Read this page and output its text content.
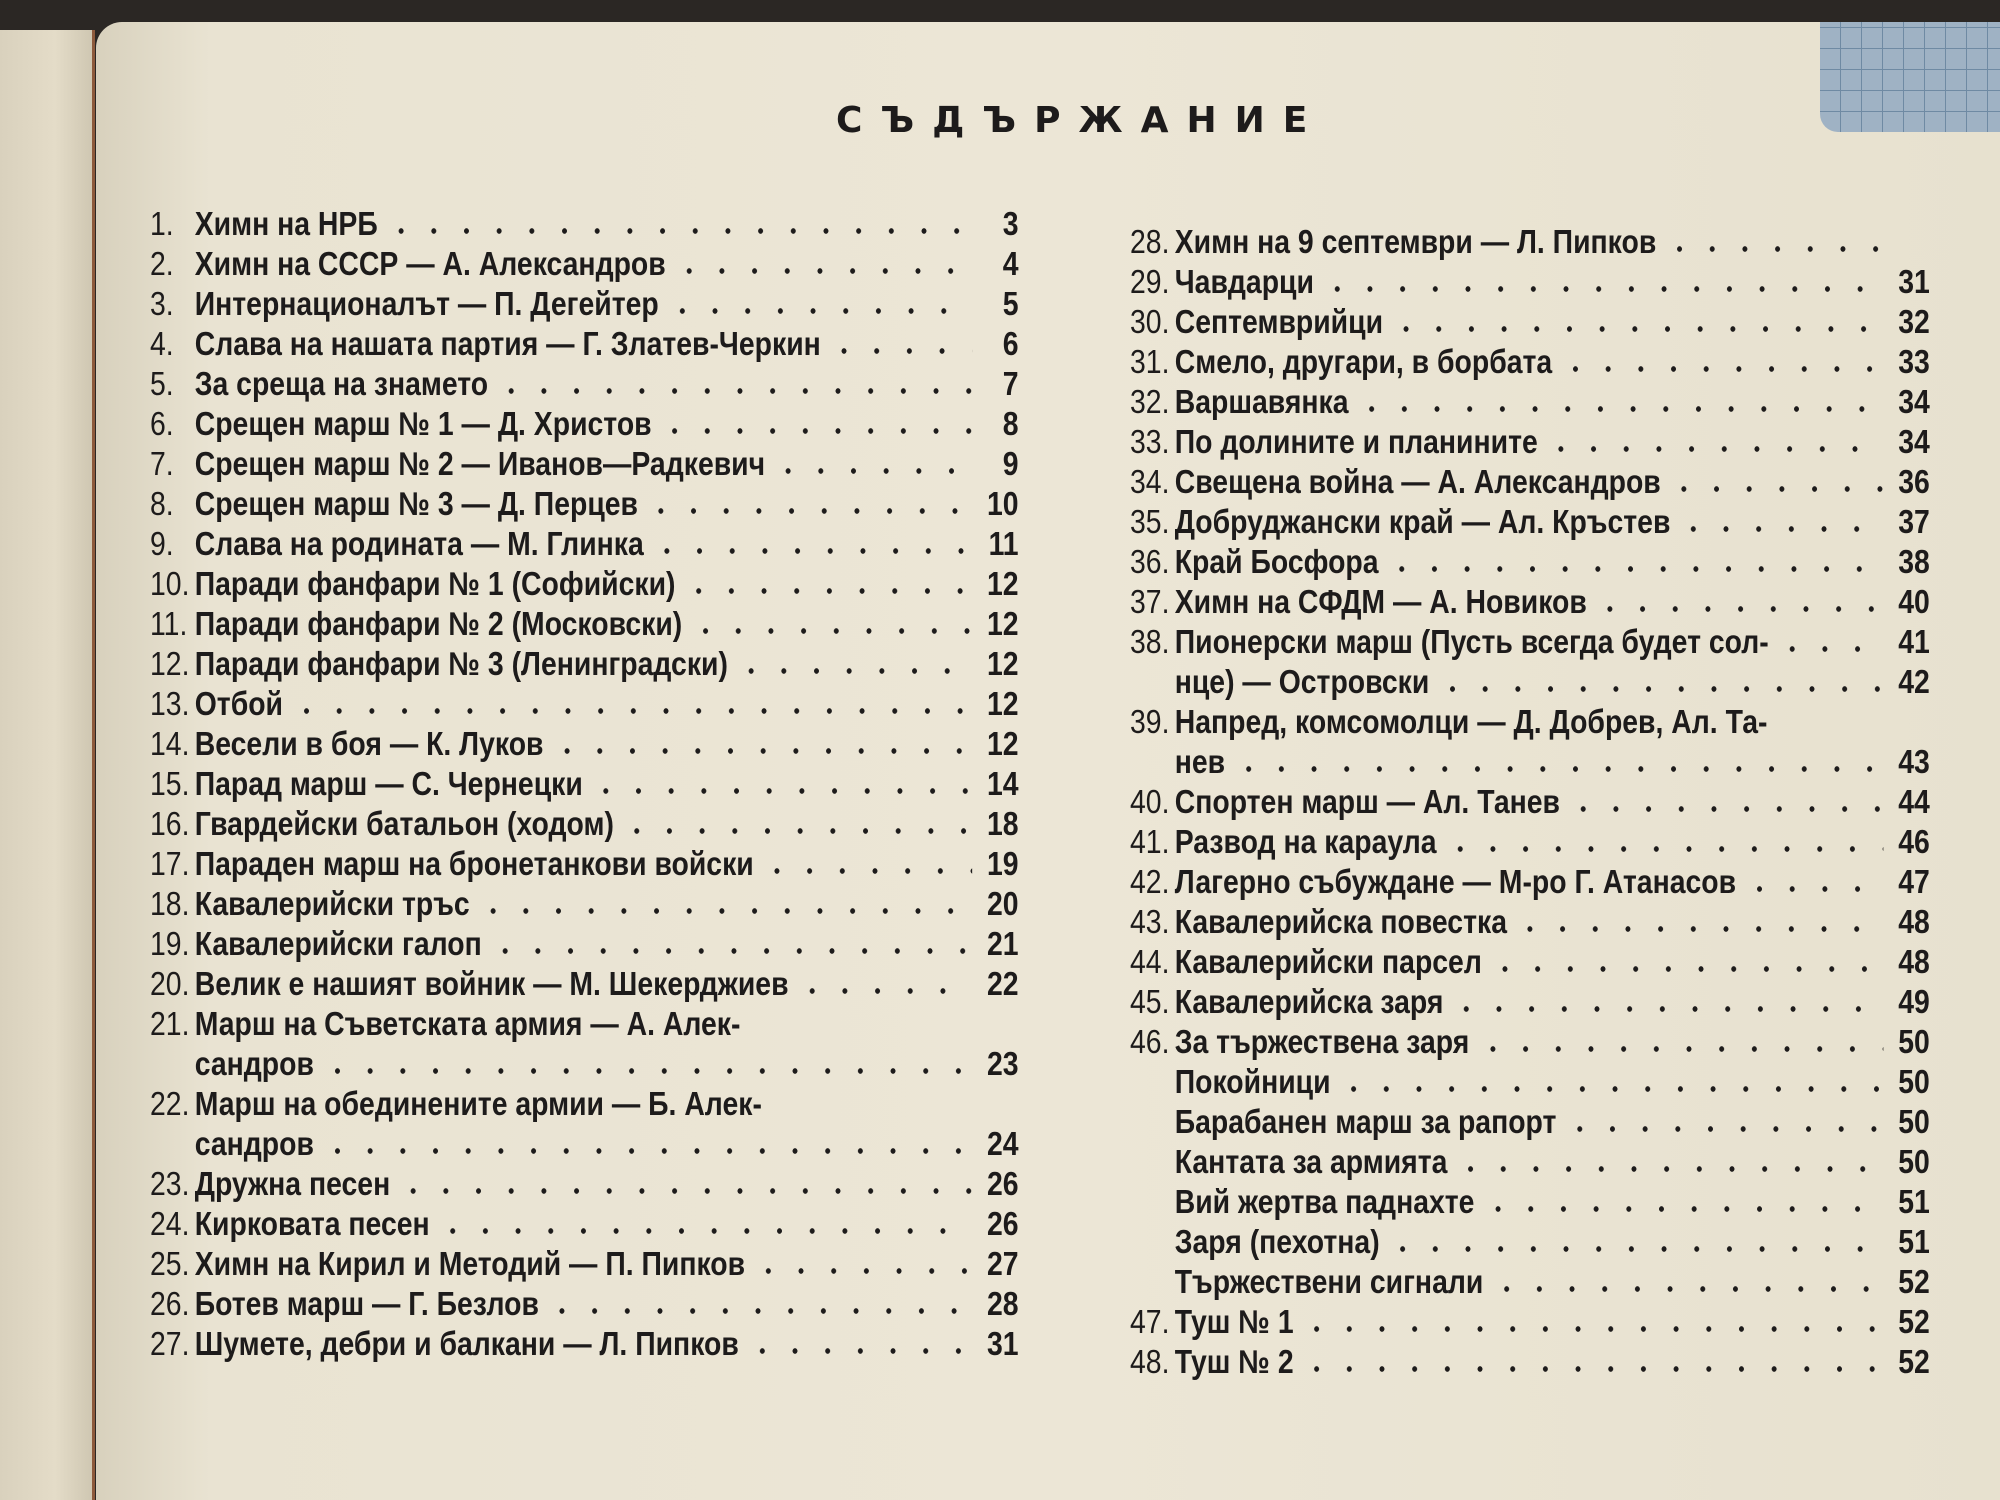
СЪДЪРЖАНИЕ
1. Химн на НРБ	3
2. Химн на СССР — А. Александров	4
3. Интернационалът — П. Дегейтер	5
4. Слава на нашата партия — Г. Златев-Черкин	6
5. За среща на знамето	7
6. Срещен марш № 1 — Д. Христов	8
7. Срещен марш № 2 — Иванов—Радкевич	9
8. Срещен марш № 3 — Д. Перцев	10
9. Слава на родината — М. Глинка	11
10. Паради фанфари № 1 (Софийски)	12
11. Паради фанфари № 2 (Московски)	12
12. Паради фанфари № 3 (Ленинградски)	12
13. Отбой	12
14. Весели в боя — К. Луков	12
15. Парад марш — С. Чернецки	14
16. Гвардейски батальон (ходом)	18
17. Параден марш на бронетанкови войски	19
18. Кавалерийски тръс	20
19. Кавалерийски галоп	21
20. Велик е нашият войник — М. Шекерджиев	22
21. Марш на Съветската армия — А. Алек-
сандров	23
22. Марш на обединените армии — Б. Алек-
сандров	24
23. Дружна песен	26
24. Кирковата песен	26
25. Химн на Кирил и Методий — П. Пипков	27
26. Ботев марш — Г. Безлов	28
27. Шумете, дебри и балкани — Л. Пипков	31
28. Химн на 9 септември — Л. Пипков
29. Чавдарци	31
30. Септемврийци	32
31. Смело, другари, в борбата	33
32. Варшавянка	34
33. По долините и планините	34
34. Свещена война — А. Александров	36
35. Добруджански край — Ал. Кръстев	37
36. Край Босфора	38
37. Химн на СФДМ — А. Новиков	40
38. Пионерски марш (Пусть всегда будет сол-	41
нце) — Островски	42
39. Напред, комсомолци — Д. Добрев, Ал. Та-
нев	43
40. Спортен марш — Ал. Танев	44
41. Развод на караула	46
42. Лагерно събуждане — М-ро Г. Атанасов	47
43. Кавалерийска повестка	48
44. Кавалерийски парсел	48
45. Кавалерийска заря	49
46. За тържествена заря	50
Покойници	50
Барабанен марш за рапорт	50
Кантата за армията	50
Вий жертва паднахте	51
Заря (пехотна)	51
Тържествени сигнали	52
47. Туш № 1	52
48. Туш № 2	52
